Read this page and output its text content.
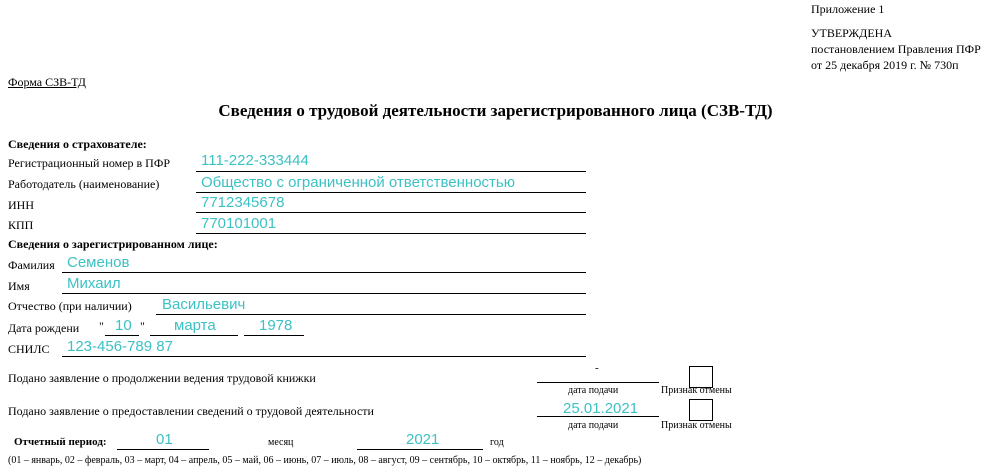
Приложение 1
УТВЕРЖДЕНА
постановлением Правления ПФР
от 25 декабря 2019 г. № 730п
Форма СЗВ-ТД
Сведения о трудовой деятельности зарегистрированного лица (СЗВ-ТД)
Сведения о страхователе:
Регистрационный номер в ПФР 111-222-333444
Работодатель (наименование)	Общество с ограниченной ответственностью
ИНН	7712345678
КПП	770101001
Сведения о зарегистрированном лице:
Фамилия Семенов
Имя Михаил
Отчество (при наличии) Васильевич
Дата рождени " 10 " марта	1978
СНИЛС 123-456-789 87
Подано заявление о продолжении ведения трудовой книжки
-
дата подачи	Признак отмены
Подано заявление о предоставлении сведений о трудовой деятельности	25.01.2021
дата подачи	Признак отмены
Отчетный период:	01	месяц	2021	год
(01 – январь, 02 – февраль, 03 – март, 04 – апрель, 05 – май, 06 – июнь, 07 – июль, 08 – август, 09 – сентябрь, 10 – октябрь, 11 – ноябрь, 12 – декабрь)
